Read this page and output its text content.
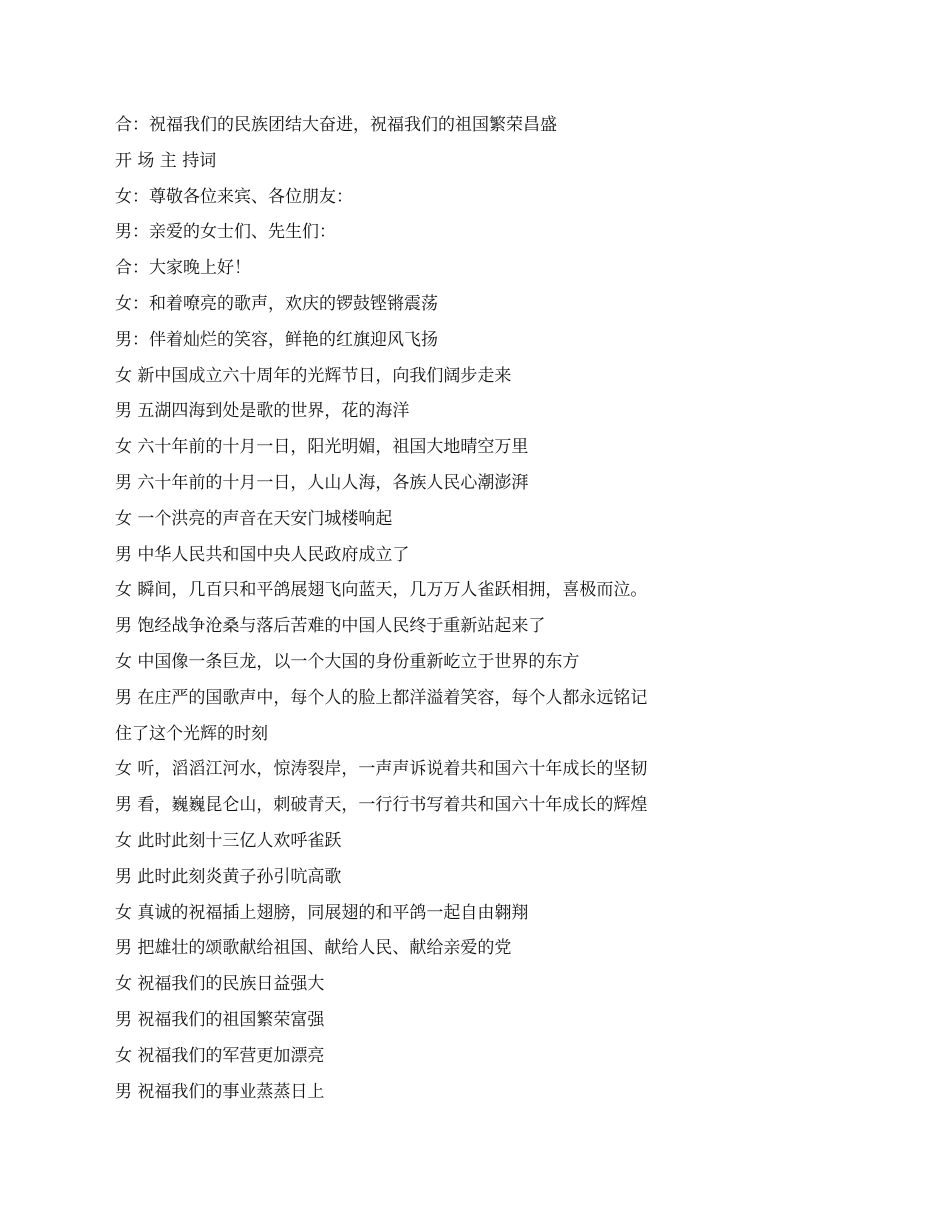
合：祝福我们的民族团结大奋进，祝福我们的祖国繁荣昌盛

开 场 主 持词

女：尊敬各位来宾、各位朋友：

男：亲爱的女士们、先生们：

合：大家晚上好！

女：和着嘹亮的歌声，欢庆的锣鼓铿锵震荡

男：伴着灿烂的笑容，鲜艳的红旗迎风飞扬

女 新中国成立六十周年的光辉节日，向我们阔步走来

男 五湖四海到处是歌的世界，花的海洋

女 六十年前的十月一日，阳光明媚，祖国大地晴空万里

男 六十年前的十月一日，人山人海，各族人民心潮澎湃

女 一个洪亮的声音在天安门城楼响起

男 中华人民共和国中央人民政府成立了

女 瞬间，几百只和平鸽展翅飞向蓝天，几万万人雀跃相拥，喜极而泣。

男 饱经战争沧桑与落后苦难的中国人民终于重新站起来了

女 中国像一条巨龙，以一个大国的身份重新屹立于世界的东方

男 在庄严的国歌声中，每个人的脸上都洋溢着笑容，每个人都永远铭记

住了这个光辉的时刻

女 听，滔滔江河水，惊涛裂岸，一声声诉说着共和国六十年成长的坚韧

男 看，巍巍昆仑山，刺破青天，一行行书写着共和国六十年成长的辉煌

女 此时此刻十三亿人欢呼雀跃

男 此时此刻炎黄子孙引吭高歌

女 真诚的祝福插上翅膀，同展翅的和平鸽一起自由翱翔

男 把雄壮的颂歌献给祖国、献给人民、献给亲爱的党

女 祝福我们的民族日益强大

男 祝福我们的祖国繁荣富强

女 祝福我们的军营更加漂亮

男 祝福我们的事业蒸蒸日上
